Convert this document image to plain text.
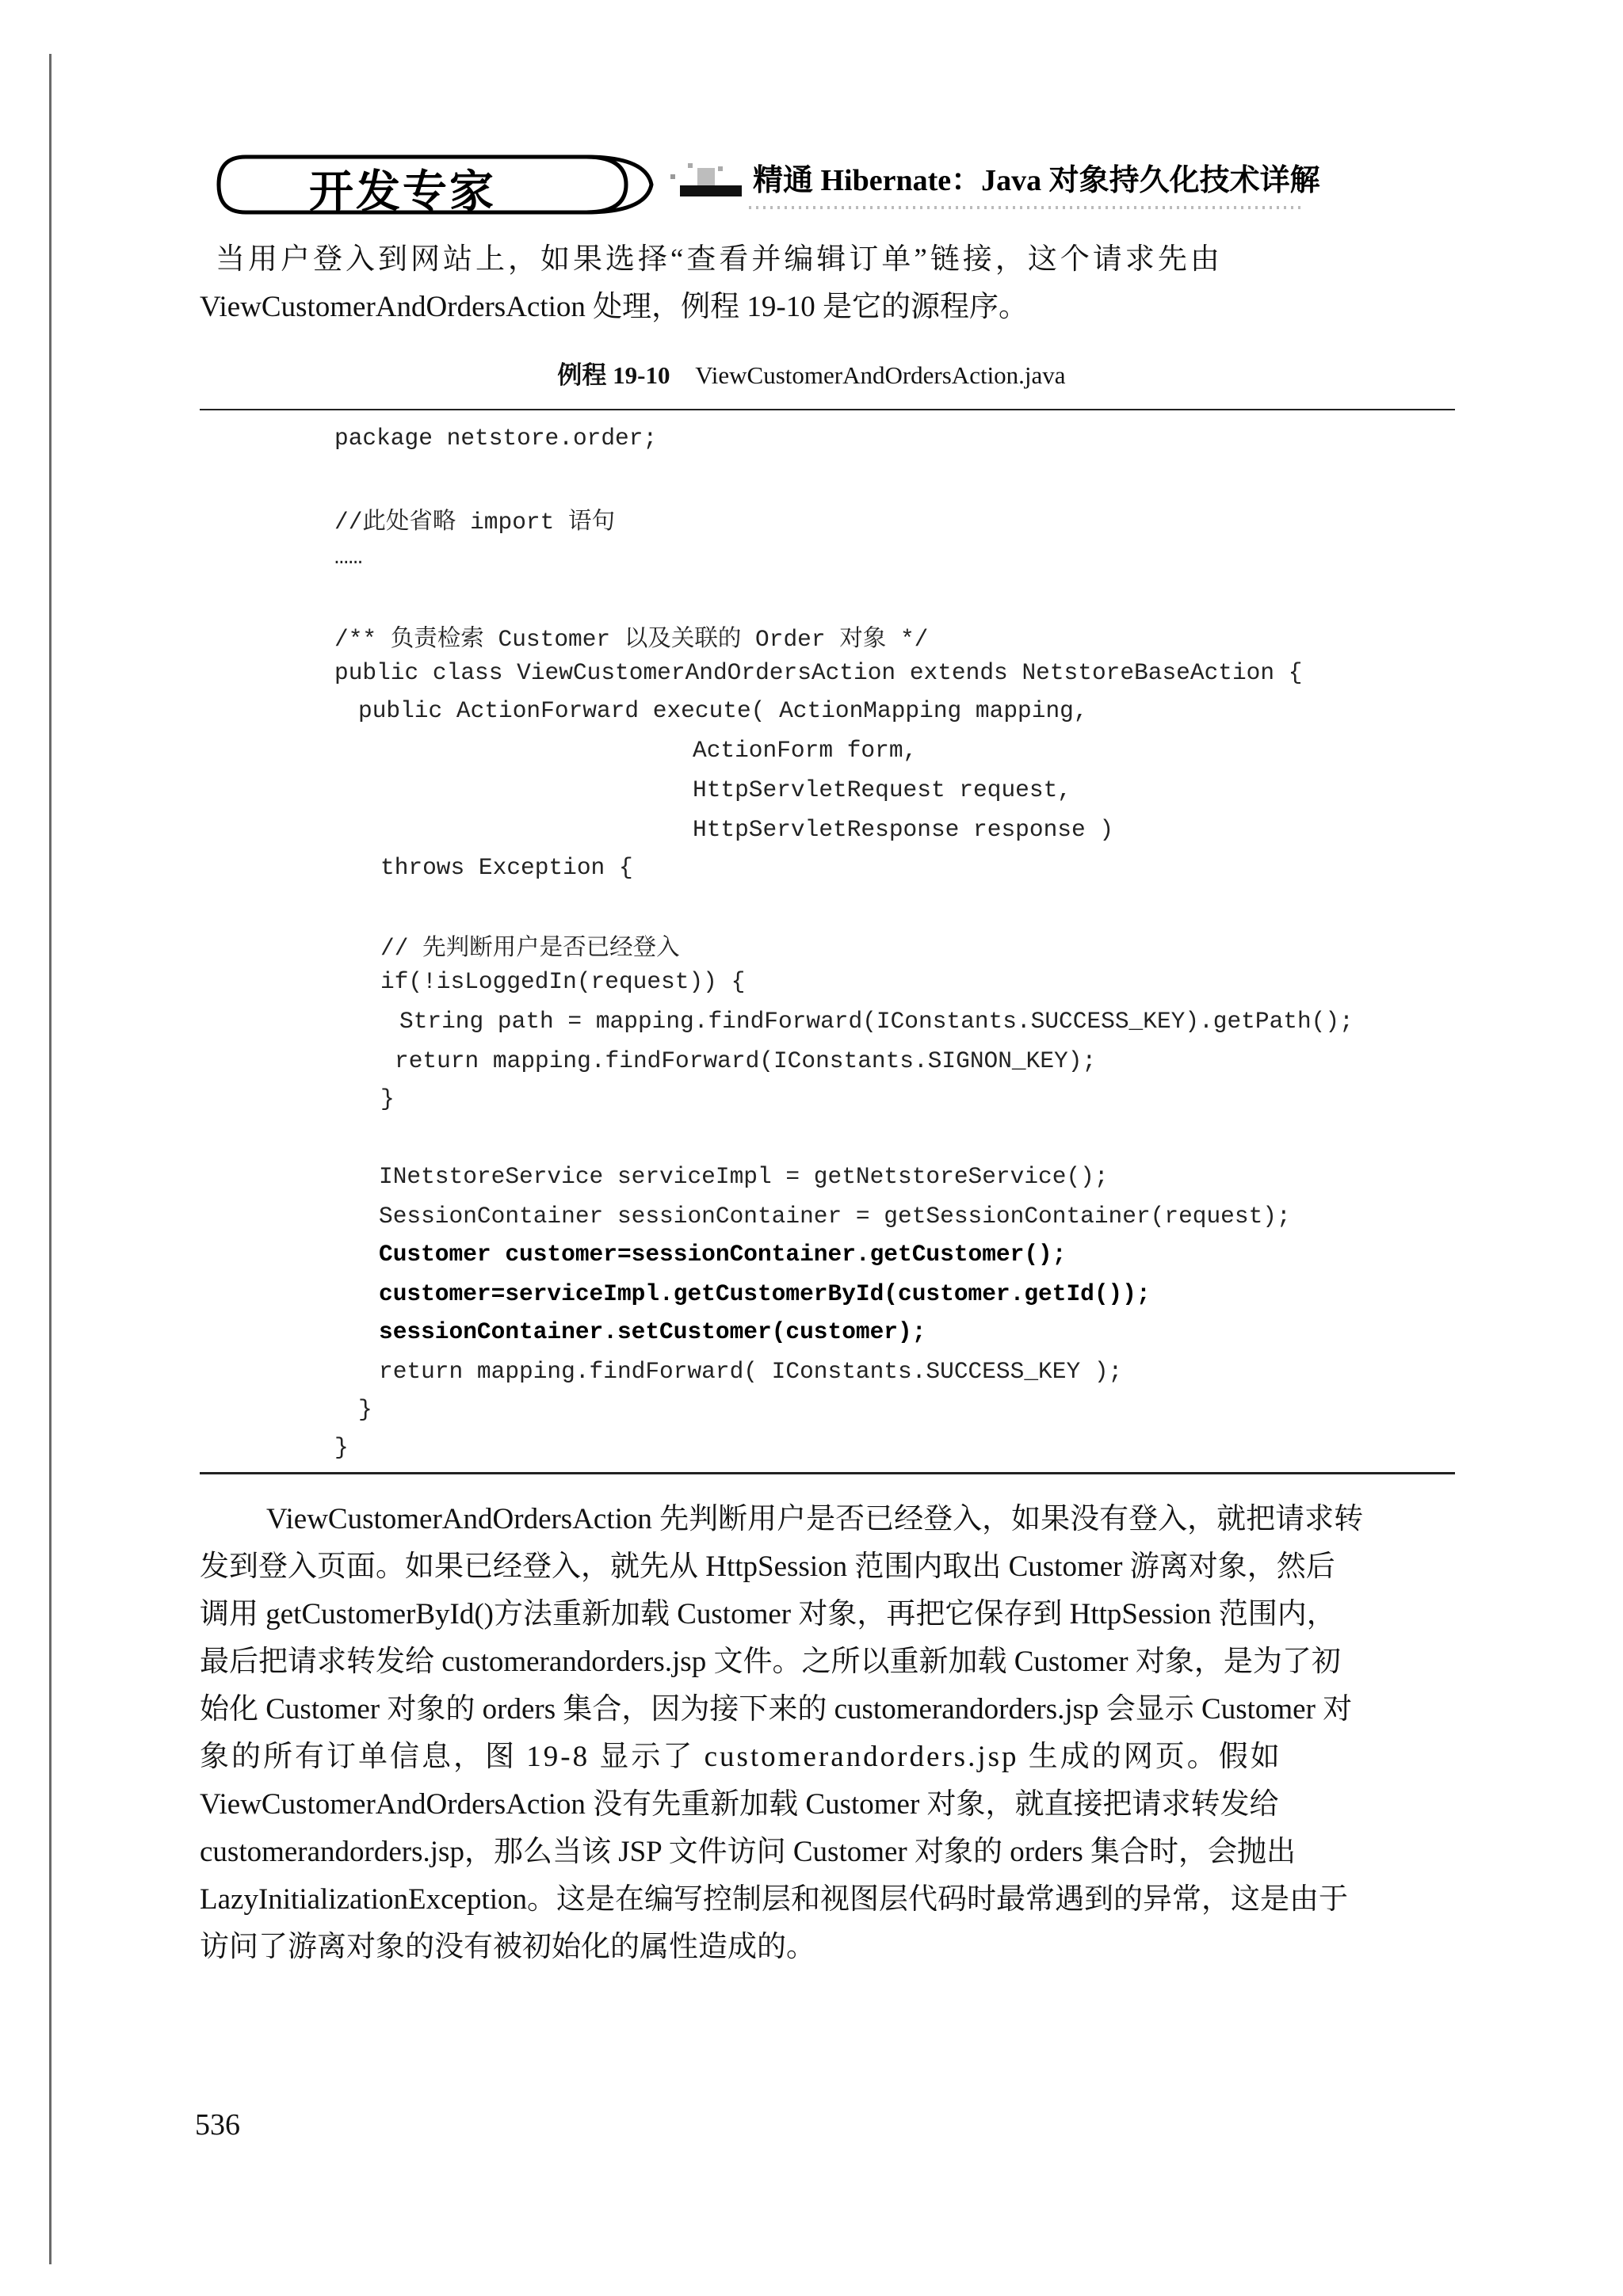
开发专家	精通 Hibernate：Java 对象持久化技术详解
当用户登入到网站上，如果选择“查看并编辑订单”链接，这个请求先由
ViewCustomerAndOrdersAction 处理，例程 19-10 是它的源程序。
例程 19-10 ViewCustomerAndOrdersAction.java

package netstore.order;

//此处省略 import 语句

……

/** 负责检索 Customer 以及关联的 Order 对象 */

public class ViewCustomerAndOrdersAction extends NetstoreBaseAction {

public ActionForward execute( ActionMapping mapping,

ActionForm form,

HttpServletRequest request,

HttpServletResponse response )

throws Exception {

// 先判断用户是否已经登入

if(!isLoggedIn(request)) {

String path = mapping.findForward(IConstants.SUCCESS_KEY).getPath();

return mapping.findForward(IConstants.SIGNON_KEY);

}

INetstoreService serviceImpl = getNetstoreService();

SessionContainer sessionContainer = getSessionContainer(request);

Customer customer=sessionContainer.getCustomer();

customer=serviceImpl.getCustomerById(customer.getId());

sessionContainer.setCustomer(customer);

return mapping.findForward( IConstants.SUCCESS_KEY );

}

}

ViewCustomerAndOrdersAction 先判断用户是否已经登入，如果没有登入，就把请求转
发到登入页面。如果已经登入，就先从 HttpSession 范围内取出 Customer 游离对象，然后
调用 getCustomerById()方法重新加载 Customer 对象，再把它保存到 HttpSession 范围内，
最后把请求转发给 customerandorders.jsp 文件。之所以重新加载 Customer 对象，是为了初
始化 Customer 对象的 orders 集合，因为接下来的 customerandorders.jsp 会显示 Customer 对
象的所有订单信息，图 19-8 显示了 customerandorders.jsp 生成的网页。假如
ViewCustomerAndOrdersAction 没有先重新加载 Customer 对象，就直接把请求转发给
customerandorders.jsp，那么当该 JSP 文件访问 Customer 对象的 orders 集合时，会抛出
LazyInitializationException。这是在编写控制层和视图层代码时最常遇到的异常，这是由于
访问了游离对象的没有被初始化的属性造成的。
536
